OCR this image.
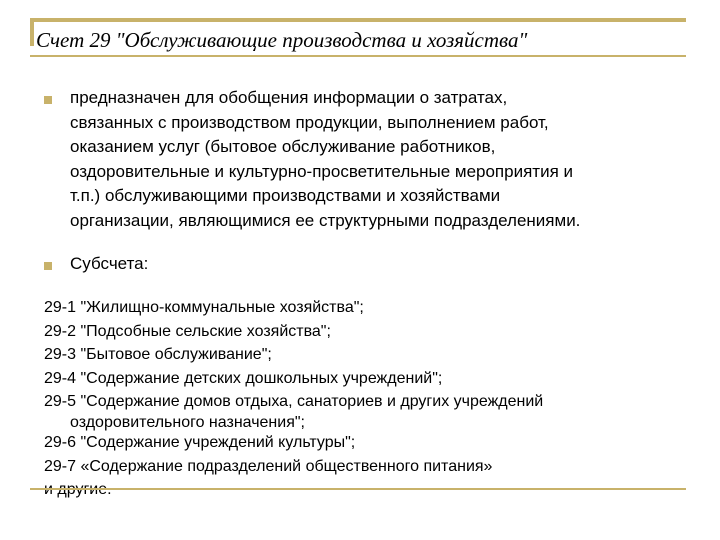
Счет 29 "Обслуживающие производства и хозяйства"
предназначен для обобщения информации о затратах,
связанных с производством продукции, выполнением работ,
оказанием услуг (бытовое обслуживание работников,
оздоровительные и культурно-просветительные мероприятия и
т.п.) обслуживающими производствами и хозяйствами
организации, являющимися ее структурными подразделениями.
Субсчета:
29-1 "Жилищно-коммунальные хозяйства";
29-2 "Подсобные сельские хозяйства";
29-3 "Бытовое обслуживание";
29-4 "Содержание детских дошкольных учреждений";
29-5 "Содержание домов отдыха, санаториев и других учреждений
оздоровительного назначения";
29-6 "Содержание учреждений культуры";
29-7 «Содержание подразделений общественного питания»
